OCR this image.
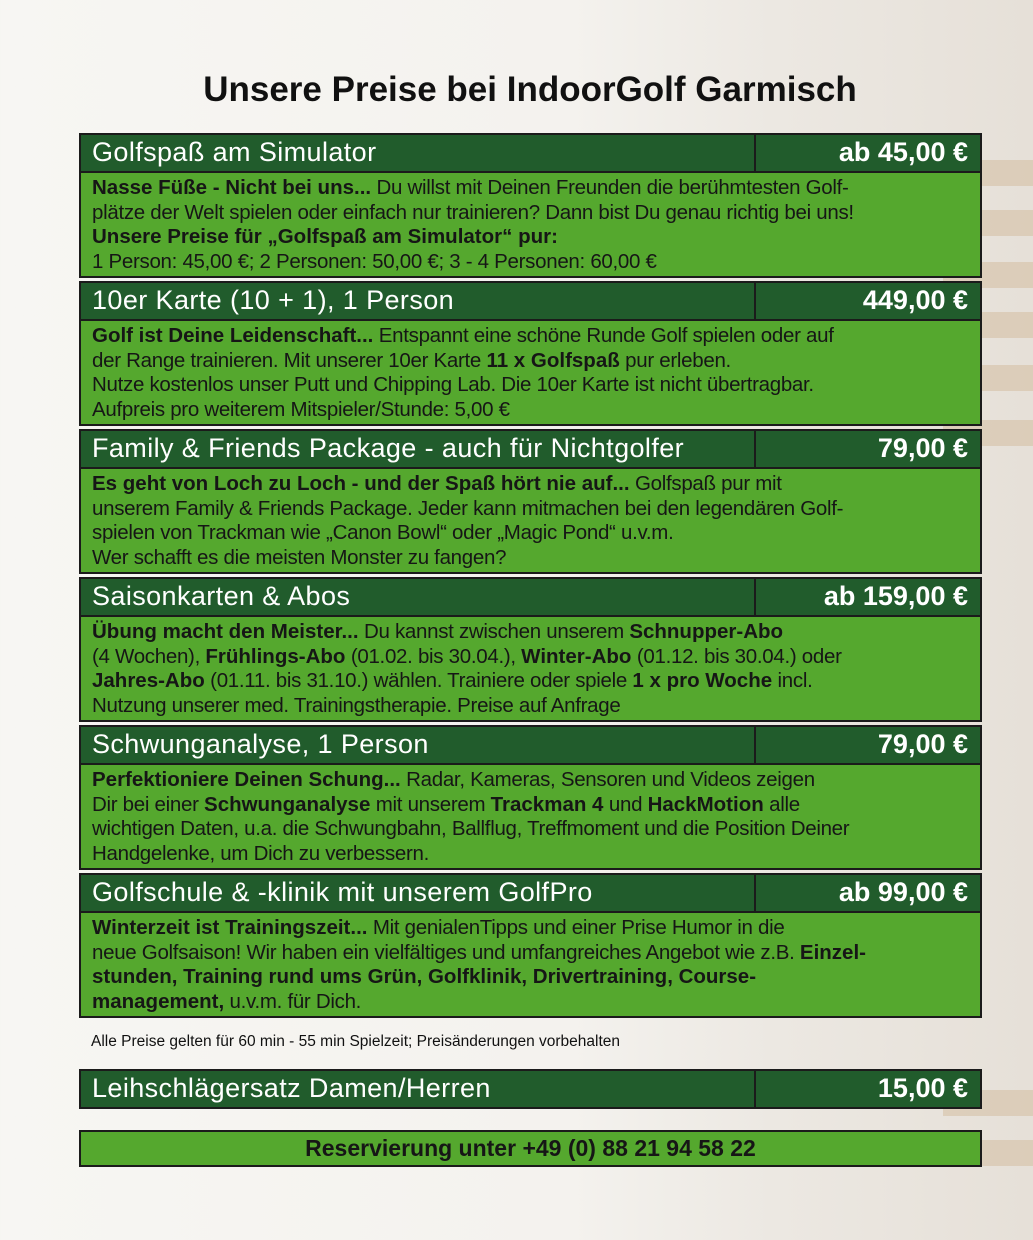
Unsere Preise bei IndoorGolf Garmisch
Golfspaß am Simulator	ab 45,00 €
Nasse Füße - Nicht bei uns... Du willst mit Deinen Freunden die berühmtesten Golf-
plätze der Welt spielen oder einfach nur trainieren? Dann bist Du genau richtig bei uns!
Unsere Preise für „Golfspaß am Simulator“ pur:
1 Person: 45,00 €; 2 Personen: 50,00 €; 3 - 4 Personen: 60,00 €
10er Karte (10 + 1), 1 Person	449,00 €
Golf ist Deine Leidenschaft... Entspannt eine schöne Runde Golf spielen oder auf
der Range trainieren. Mit unserer 10er Karte 11 x Golfspaß pur erleben.
Nutze kostenlos unser Putt und Chipping Lab. Die 10er Karte ist nicht übertragbar.
Aufpreis pro weiterem Mitspieler/Stunde: 5,00 €
Family & Friends Package - auch für Nichtgolfer	79,00 €
Es geht von Loch zu Loch - und der Spaß hört nie auf... Golfspaß pur mit
unserem Family & Friends Package. Jeder kann mitmachen bei den legendären Golf-
spielen von Trackman wie „Canon Bowl“ oder „Magic Pond“ u.v.m.
Wer schafft es die meisten Monster zu fangen?
Saisonkarten & Abos	ab 159,00 €
Übung macht den Meister... Du kannst zwischen unserem Schnupper-Abo
(4 Wochen), Frühlings-Abo (01.02. bis 30.04.), Winter-Abo (01.12. bis 30.04.) oder
Jahres-Abo (01.11. bis 31.10.) wählen. Trainiere oder spiele 1 x pro Woche incl.
Nutzung unserer med. Trainingstherapie. Preise auf Anfrage
Schwunganalyse, 1 Person	79,00 €
Perfektioniere Deinen Schung... Radar, Kameras, Sensoren und Videos zeigen
Dir bei einer Schwunganalyse mit unserem Trackman 4 und HackMotion alle
wichtigen Daten, u.a. die Schwungbahn, Ballflug, Treffmoment und die Position Deiner
Handgelenke, um Dich zu verbessern.
Golfschule & -klinik mit unserem GolfPro	ab 99,00 €
Winterzeit ist Trainingszeit... Mit genialenTipps und einer Prise Humor in die
neue Golfsaison! Wir haben ein vielfältiges und umfangreiches Angebot wie z.B. Einzel-
stunden, Training rund ums Grün, Golfklinik, Drivertraining, Course-
management, u.v.m. für Dich.
Alle Preise gelten für 60 min - 55 min Spielzeit; Preisänderungen vorbehalten
Leihschlägersatz Damen/Herren	15,00 €
Reservierung unter +49 (0) 88 21 94 58 22
